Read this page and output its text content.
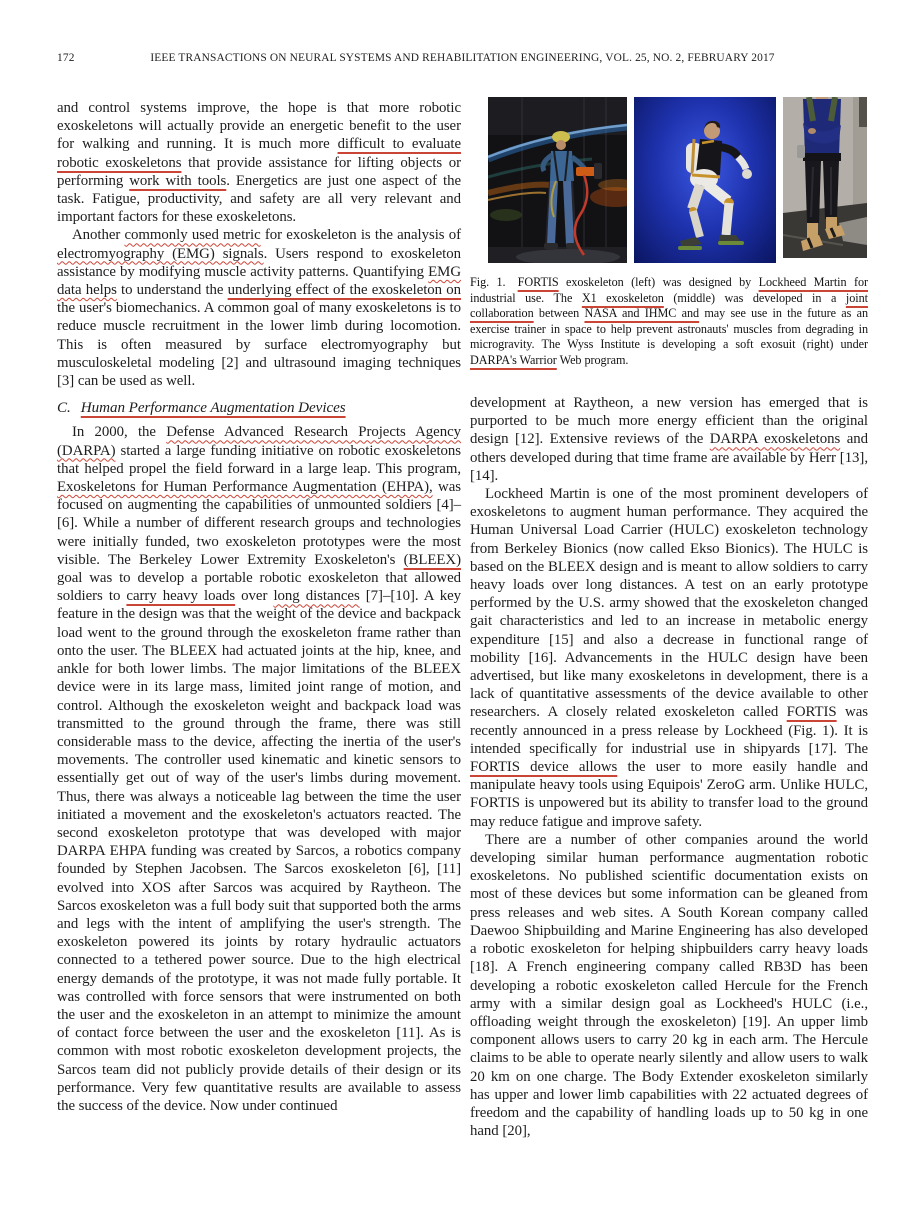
172	IEEE TRANSACTIONS ON NEURAL SYSTEMS AND REHABILITATION ENGINEERING, VOL. 25, NO. 2, FEBRUARY 2017

and control systems improve, the hope is that more robotic exoskeletons will actually provide an energetic benefit to the user for walking and running. It is much more difficult to evaluate robotic exoskeletons that provide assistance for lifting objects or performing work with tools. Energetics are just one aspect of the task. Fatigue, productivity, and safety are all very relevant and important factors for these exoskeletons.

Another commonly used metric for exoskeleton is the analysis of electromyography (EMG) signals. Users respond to exoskeleton assistance by modifying muscle activity patterns. Quantifying EMG data helps to understand the underlying effect of the exoskeleton on the user's biomechanics. A common goal of many exoskeletons is to reduce muscle recruitment in the lower limb during locomotion. This is often measured by surface electromyography but musculoskeletal modeling [2] and ultrasound imaging techniques [3] can be used as well.

C. Human Performance Augmentation Devices

In 2000, the Defense Advanced Research Projects Agency (DARPA) started a large funding initiative on robotic exoskeletons that helped propel the field forward in a large leap. This program, Exoskeletons for Human Performance Augmentation (EHPA), was focused on augmenting the capabilities of unmounted soldiers [4]–[6]. While a number of different research groups and technologies were initially funded, two exoskeleton prototypes were the most visible. The Berkeley Lower Extremity Exoskeleton's (BLEEX) goal was to develop a portable robotic exoskeleton that allowed soldiers to carry heavy loads over long distances [7]–[10]. A key feature in the design was that the weight of the device and backpack load went to the ground through the exoskeleton frame rather than onto the user. The BLEEX had actuated joints at the hip, knee, and ankle for both lower limbs. The major limitations of the BLEEX device were in its large mass, limited joint range of motion, and control. Although the exoskeleton weight and backpack load was transmitted to the ground through the frame, there was still considerable mass to the device, affecting the inertia of the user's movements. The controller used kinematic and kinetic sensors to essentially get out of way of the user's limbs during movement. Thus, there was always a noticeable lag between the time the user initiated a movement and the exoskeleton's actuators reacted. The second exoskeleton prototype that was developed with major DARPA EHPA funding was created by Sarcos, a robotics company founded by Stephen Jacobsen. The Sarcos exoskeleton [6], [11] evolved into XOS after Sarcos was acquired by Raytheon. The Sarcos exoskeleton was a full body suit that supported both the arms and legs with the intent of amplifying the user's strength. The exoskeleton powered its joints by rotary hydraulic actuators connected to a tethered power source. Due to the high electrical energy demands of the prototype, it was not made fully portable. It was controlled with force sensors that were instrumented on both the user and the exoskeleton in an attempt to minimize the amount of contact force between the user and the exoskeleton [11]. As is common with most robotic exoskeleton development projects, the Sarcos team did not publicly provide details of their design or its performance. Very few quantitative results are available to assess the success of the device. Now under continued

Fig. 1.  FORTIS exoskeleton (left) was designed by Lockheed Martin for industrial use. The X1 exoskeleton (middle) was developed in a joint collaboration between NASA and IHMC and may see use in the future as an exercise trainer in space to help prevent astronauts' muscles from degrading in microgravity. The Wyss Institute is developing a soft exosuit (right) under DARPA's Warrior Web program.

development at Raytheon, a new version has emerged that is purported to be much more energy efficient than the original design [12]. Extensive reviews of the DARPA exoskeletons and others developed during that time frame are available by Herr [13], [14].

Lockheed Martin is one of the most prominent developers of exoskeletons to augment human performance. They acquired the Human Universal Load Carrier (HULC) exoskeleton technology from Berkeley Bionics (now called Ekso Bionics). The HULC is based on the BLEEX design and is meant to allow soldiers to carry heavy loads over long distances. A test on an early prototype performed by the U.S. army showed that the exoskeleton changed gait characteristics and led to an increase in metabolic energy expenditure [15] and also a decrease in functional range of mobility [16]. Advancements in the HULC design have been advertised, but like many exoskeletons in development, there is a lack of quantitative assessments of the device available to other researchers. A closely related exoskeleton called FORTIS was recently announced in a press release by Lockheed (Fig. 1). It is intended specifically for industrial use in shipyards [17]. The FORTIS device allows the user to more easily handle and manipulate heavy tools using Equipois' ZeroG arm. Unlike HULC, FORTIS is unpowered but its ability to transfer load to the ground may reduce fatigue and improve safety.

There are a number of other companies around the world developing similar human performance augmentation robotic exoskeletons. No published scientific documentation exists on most of these devices but some information can be gleaned from press releases and web sites. A South Korean company called Daewoo Shipbuilding and Marine Engineering has also developed a robotic exoskeleton for helping shipbuilders carry heavy loads [18]. A French engineering company called RB3D has been developing a robotic exoskeleton called Hercule for the French army with a similar design goal as Lockheed's HULC (i.e., offloading weight through the exoskeleton) [19]. An upper limb component allows users to carry 20 kg in each arm. The Hercule claims to be able to operate nearly silently and allow users to walk 20 km on one charge. The Body Extender exoskeleton similarly has upper and lower limb capabilities with 22 actuated degrees of freedom and the capability of handling loads up to 50 kg in one hand [20],
